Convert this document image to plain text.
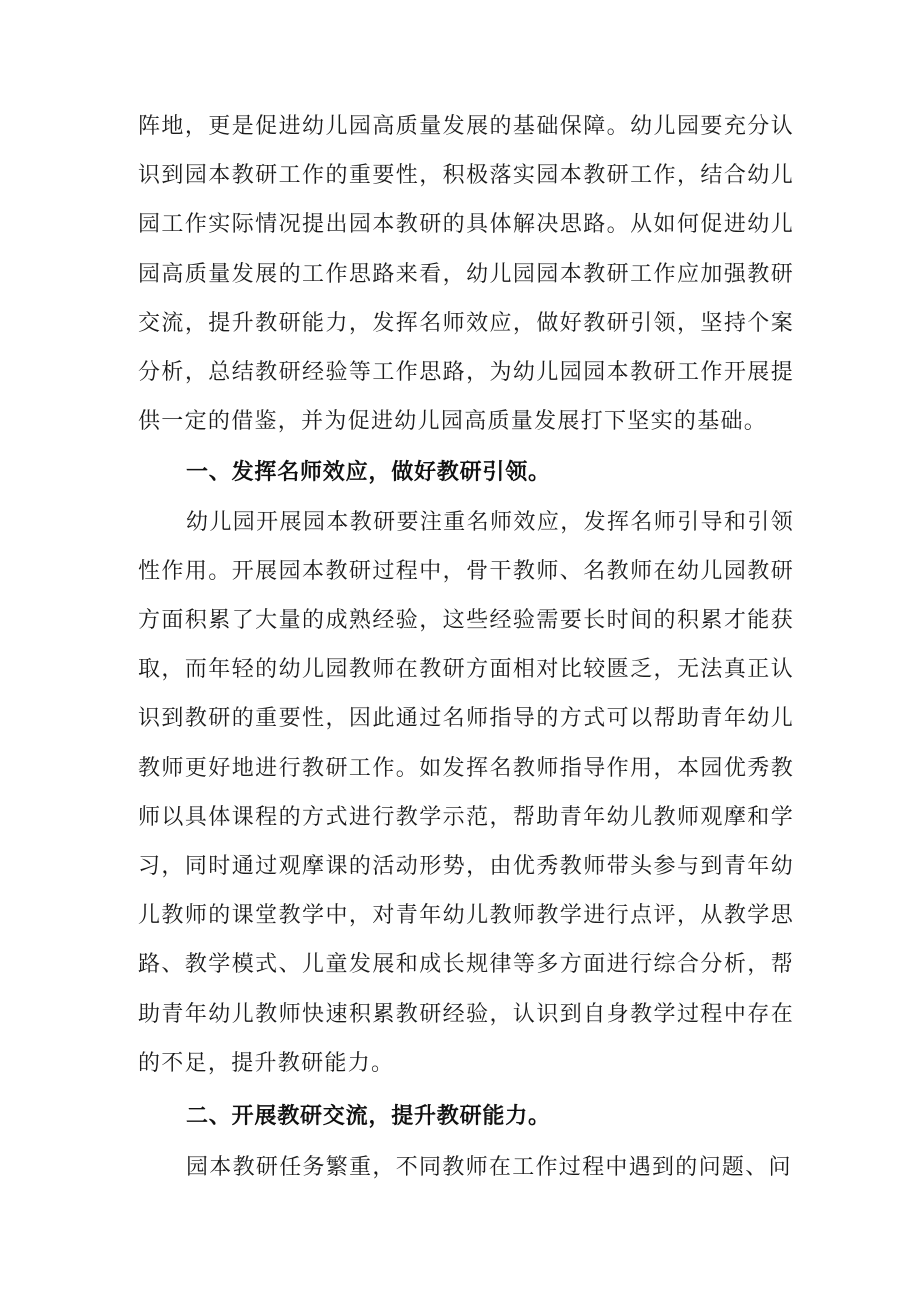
阵地，更是促进幼儿园高质量发展的基础保障。幼儿园要充分认识到园本教研工作的重要性，积极落实园本教研工作，结合幼儿园工作实际情况提出园本教研的具体解决思路。从如何促进幼儿园高质量发展的工作思路来看，幼儿园园本教研工作应加强教研交流，提升教研能力，发挥名师效应，做好教研引领，坚持个案分析，总结教研经验等工作思路，为幼儿园园本教研工作开展提供一定的借鉴，并为促进幼儿园高质量发展打下坚实的基础。

一、发挥名师效应，做好教研引领。

幼儿园开展园本教研要注重名师效应，发挥名师引导和引领性作用。开展园本教研过程中，骨干教师、名教师在幼儿园教研方面积累了大量的成熟经验，这些经验需要长时间的积累才能获取，而年轻的幼儿园教师在教研方面相对比较匮乏，无法真正认识到教研的重要性，因此通过名师指导的方式可以帮助青年幼儿教师更好地进行教研工作。如发挥名教师指导作用，本园优秀教师以具体课程的方式进行教学示范，帮助青年幼儿教师观摩和学习，同时通过观摩课的活动形势，由优秀教师带头参与到青年幼儿教师的课堂教学中，对青年幼儿教师教学进行点评，从教学思路、教学模式、儿童发展和成长规律等多方面进行综合分析，帮助青年幼儿教师快速积累教研经验，认识到自身教学过程中存在的不足，提升教研能力。

二、开展教研交流，提升教研能力。

园本教研任务繁重，不同教师在工作过程中遇到的问题、问
